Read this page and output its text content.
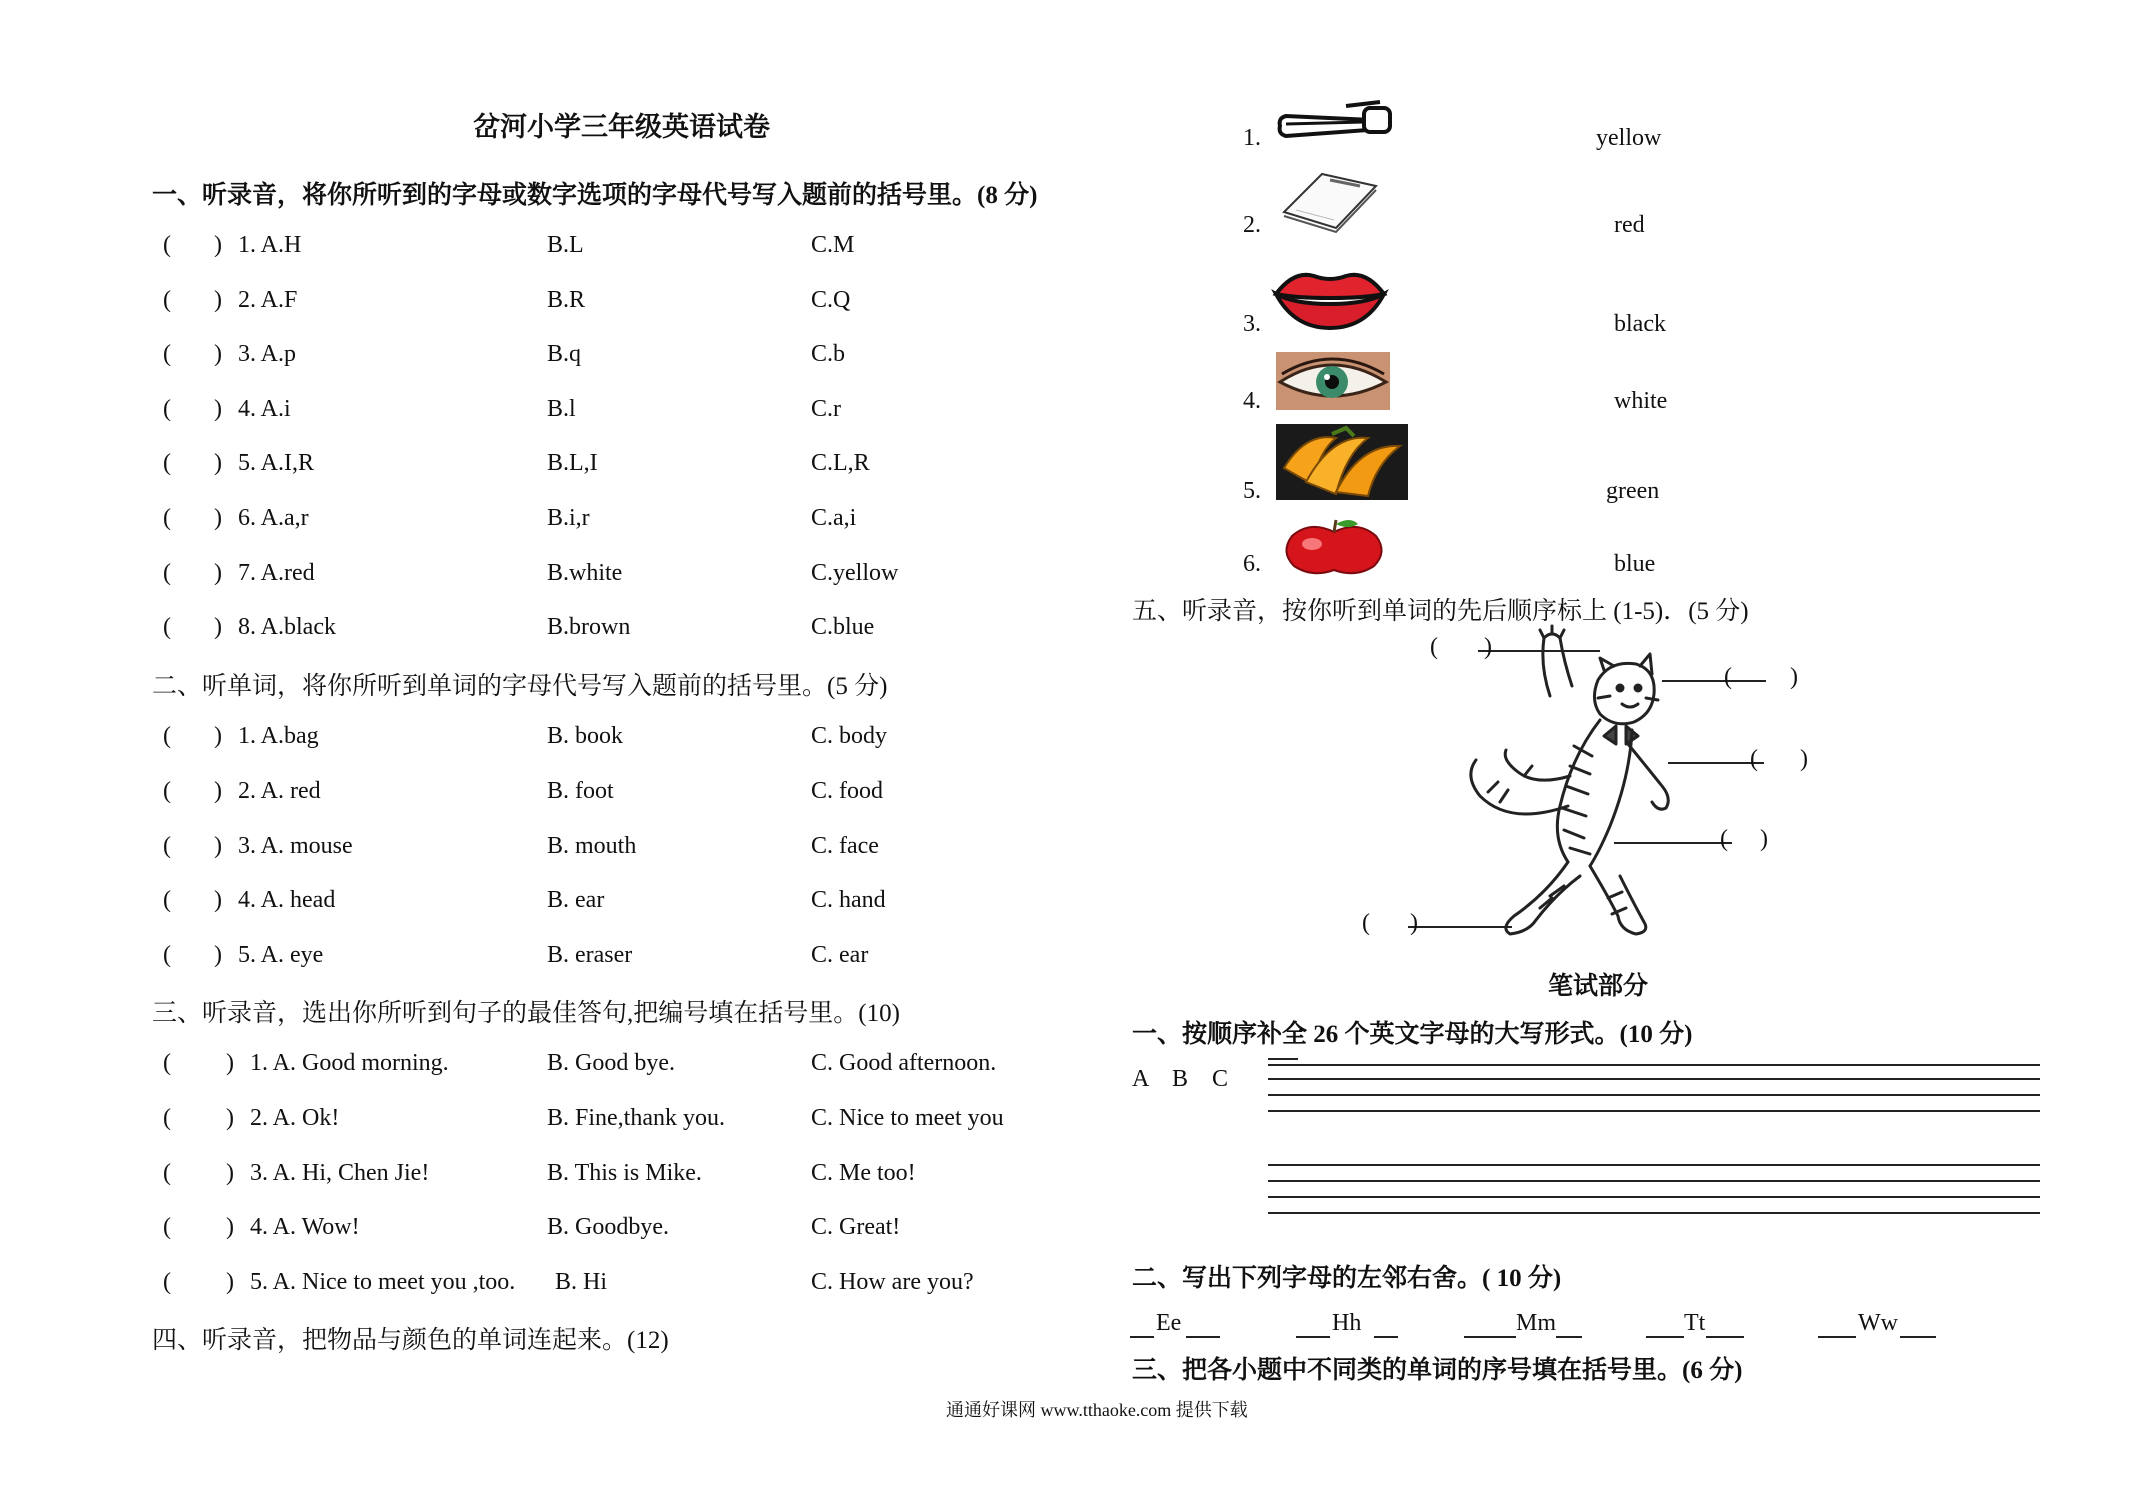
岔河小学三年级英语试卷
一、听录音，将你所听到的字母或数字选项的字母代号写入题前的括号里。(8 分)
( ) 1. A.H	B.L	C.M
( ) 2. A.F	B.R	C.Q
( ) 3. A.p	B.q	C.b
( ) 4. A.i	B.l	C.r
( ) 5. A.I,R	B.L,I	C.L,R
( ) 6. A.a,r	B.i,r	C.a,i
( ) 7. A.red	B.white	C.yellow
( ) 8. A.black	B.brown	C.blue
二、听单词，将你所听到单词的字母代号写入题前的括号里。(5 分)
( ) 1. A.bag	B. book	C. body
( ) 2. A. red	B. foot	C. food
( ) 3. A. mouse	B. mouth	C. face
( ) 4. A. head	B. ear	C. hand
( ) 5. A. eye	B. eraser	C. ear
三、听录音，选出你所听到句子的最佳答句,把编号填在括号里。(10)
( ) 1. A. Good morning.	B. Good bye.	C. Good afternoon.
( ) 2. A. Ok!	B. Fine,thank you.	C. Nice to meet you
( ) 3. A. Hi, Chen Jie!	B. This is Mike.	C. Me too!
( ) 4. A. Wow!	B. Goodbye.	C. Great!
( ) 5. A. Nice to meet you ,too. B. Hi	C. How are you?
四、听录音，把物品与颜色的单词连起来。(12)
1.
2.
3.
4.
5.
6.
yellow
red
black
white
green
blue
五、听录音，按你听到单词的先后顺序标上 (1-5)．(5 分)
( )
( )
( )
( )
( )
笔试部分
一、按顺序补全 26 个英文字母的大写形式。(10 分)
A B C
二、写出下列字母的左邻右舍。( 10 分)
Ee	Hh	Mm	Tt	Ww
三、把各小题中不同类的单词的序号填在括号里。(6 分)
通通好课网 www.tthaoke.com 提供下载
